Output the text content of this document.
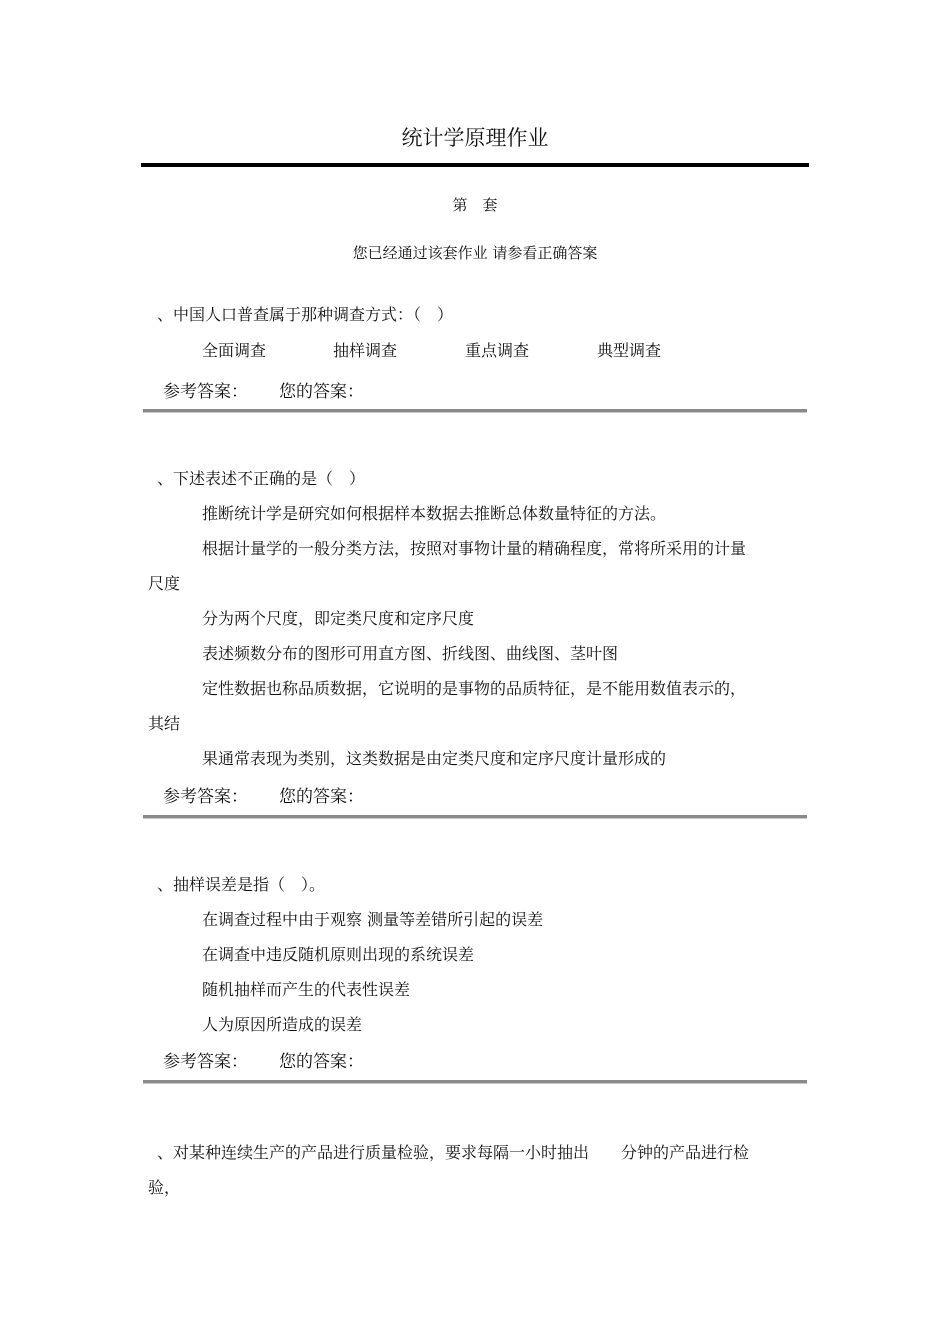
统计学原理作业
第　套
您已经通过该套作业 请参看正确答案
、中国人口普查属于那种调查方式：（　）
全面调查	抽样调查	重点调查	典型调查
参考答案： 您的答案：
、下述表述不正确的是（　）
推断统计学是研究如何根据样本数据去推断总体数量特征的方法。
根据计量学的一般分类方法，按照对事物计量的精确程度，常将所采用的计量
尺度
分为两个尺度，即定类尺度和定序尺度
表述频数分布的图形可用直方图、折线图、曲线图、茎叶图
定性数据也称品质数据，它说明的是事物的品质特征，是不能用数值表示的，
其结
果通常表现为类别，这类数据是由定类尺度和定序尺度计量形成的
参考答案： 您的答案：
、抽样误差是指（　）。
在调查过程中由于观察 测量等差错所引起的误差
在调查中违反随机原则出现的系统误差
随机抽样而产生的代表性误差
人为原因所造成的误差
参考答案： 您的答案：
、对某种连续生产的产品进行质量检验，要求每隔一小时抽出　　分钟的产品进行检
验，
